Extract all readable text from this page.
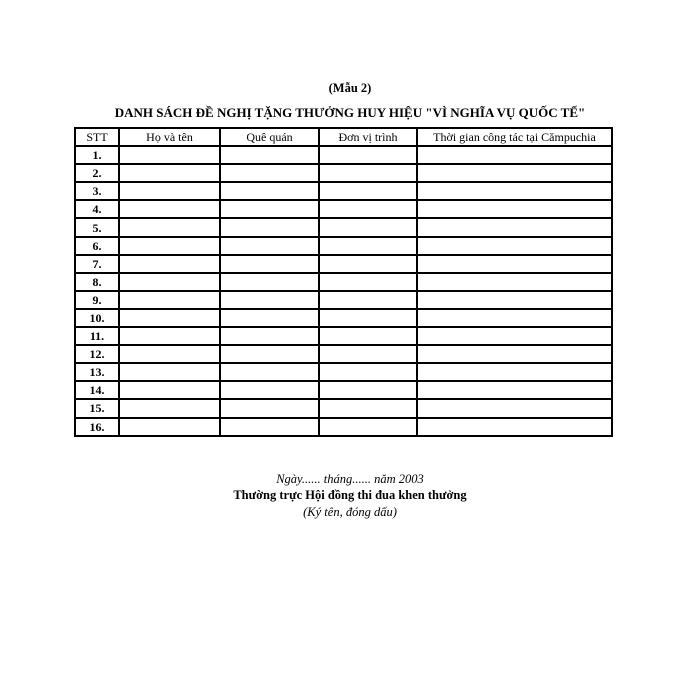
(Mẫu 2)
DANH SÁCH ĐỀ NGHỊ TẶNG THƯỞNG HUY HIỆU "VÌ NGHĨA VỤ QUỐC TẾ"
STT	Họ và tên	Quê quán	Đơn vị trình	Thời gian công tác tại Cămpuchia
1.				
2.				
3.				
4.				
5.				
6.				
7.				
8.				
9.				
10.				
11.				
12.				
13.				
14.				
15.				
16.				
Ngày...... tháng...... năm 2003
Thường trực Hội đồng thi đua khen thưởng
(Ký tên, đóng dấu)
